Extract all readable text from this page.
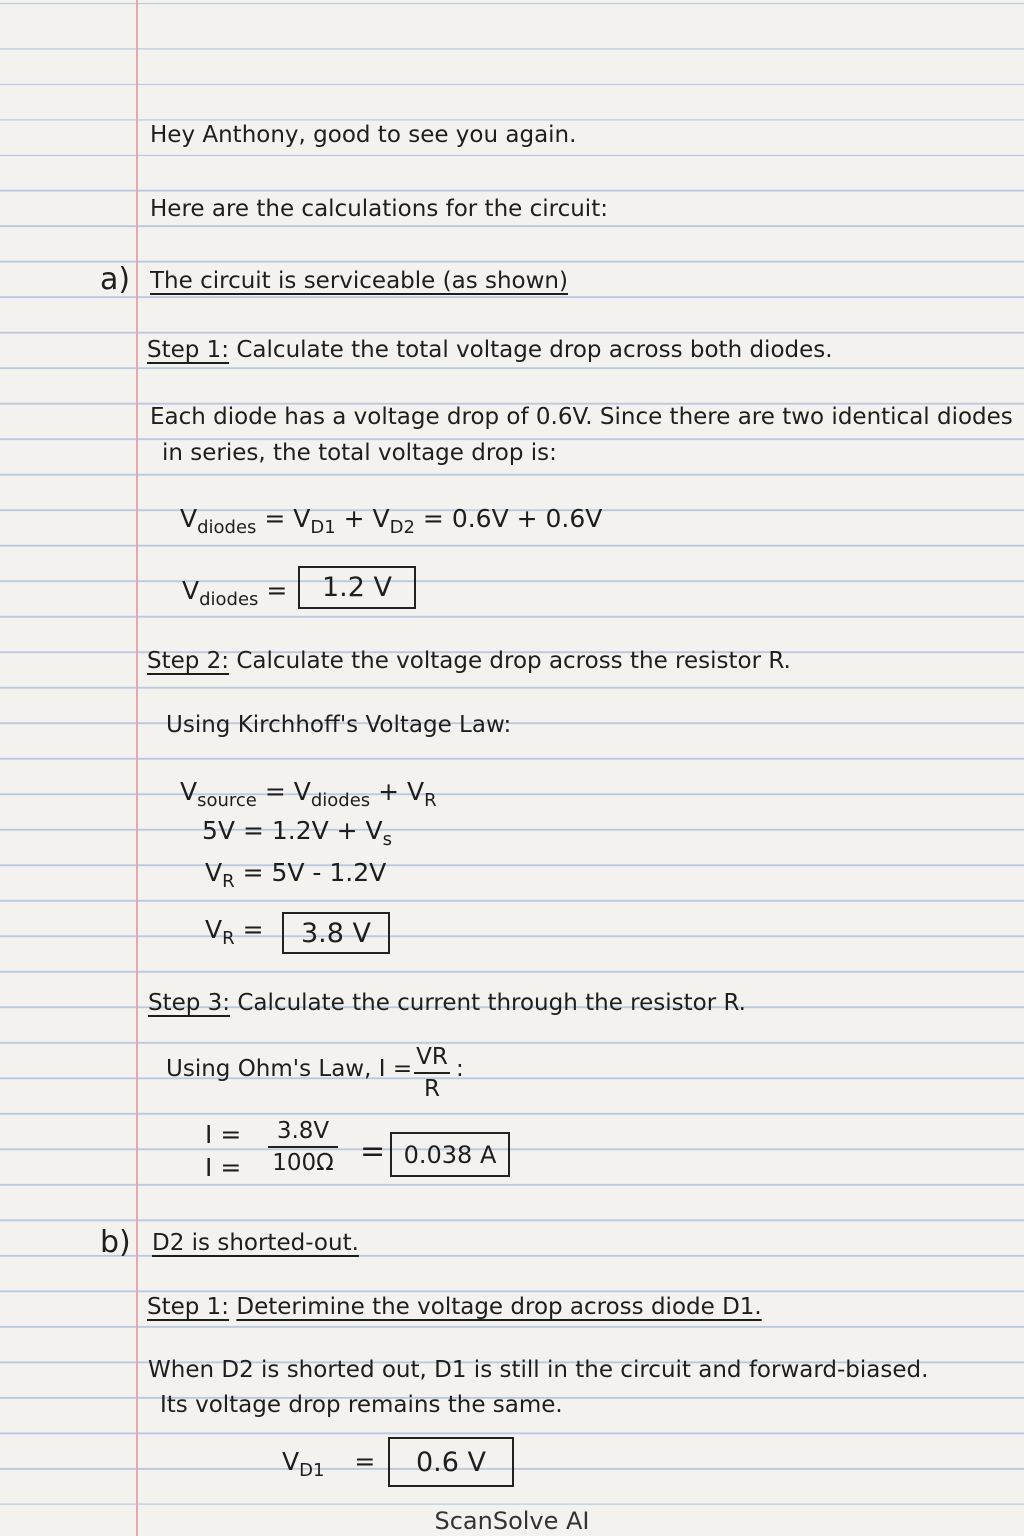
Hey Anthony, good to see you again.
Here are the calculations for the circuit:
a) The circuit is serviceable (as shown)
Step 1: Calculate the total voltage drop across both diodes.
Each diode has a voltage drop of 0.6V. Since there are two identical diodes
in series, the total voltage drop is:
$V_{diodes} = V_{D1} + V_{D2} = 0.6V + 0.6V$
$V_{diodes}$ =	1.2 V
Step 2: Calculate the voltage drop across the resistor R.
Using Kirchhoff's Voltage Law:
$V_{source} = V_{diodes} + V_R$
$5V = 1.2V + V_s$
$V_R = 5V - 1.2V$
$V_R$ =	3.8 V
Step 3: Calculate the current through the resistor R.
Using Ohm's Law, I = VR
R
:
I =
I =
3.8V
100Ω = 0.038 A
b) D2 is shorted-out.
Step 1: Deterimine the voltage drop across diode D1.
When D2 is shorted out, D1 is still in the circuit and forward-biased.
Its voltage drop remains the same.
$V_{D1}$ =	0.6 V
ScanSolve AI
